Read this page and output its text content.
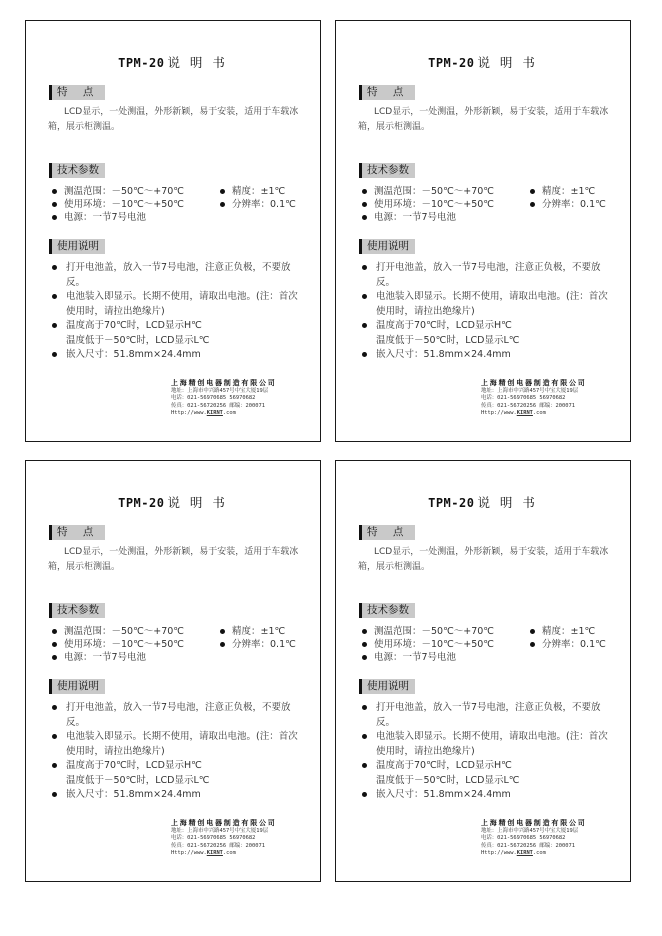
TPM-20 说 明 书
特 点
LCD显示，一处测温，外形新颖，易于安装，适用于车载冰箱，展示柜测温。
技术参数
测温范围：－50℃～+70℃	精度：±1℃
使用环境：－10℃～+50℃	分辨率：0.1℃
电源：一节7号电池
使用说明
打开电池盖，放入一节7号电池，注意正负极，不要放反。
电池装入即显示。长期不使用，请取出电池。(注：首次使用时，请拉出绝缘片)
温度高于70℃时，LCD显示H℃
温度低于－50℃时，LCD显示L℃
嵌入尺寸：51.8mm×24.4mm
上海精创电器制造有限公司
地址：上海市中兴路457号中宝大厦19层
电话：021-56970685 56970682
传真：021-56720256 邮编：200071
Http://www.KIRNT.com
TPM-20 说 明 书
特 点
LCD显示，一处测温，外形新颖，易于安装，适用于车载冰箱，展示柜测温。
技术参数
测温范围：－50℃～+70℃	精度：±1℃
使用环境：－10℃～+50℃	分辨率：0.1℃
电源：一节7号电池
使用说明
打开电池盖，放入一节7号电池，注意正负极，不要放反。
电池装入即显示。长期不使用，请取出电池。(注：首次使用时，请拉出绝缘片)
温度高于70℃时，LCD显示H℃
温度低于－50℃时，LCD显示L℃
嵌入尺寸：51.8mm×24.4mm
上海精创电器制造有限公司
地址：上海市中兴路457号中宝大厦19层
电话：021-56970685 56970682
传真：021-56720256 邮编：200071
Http://www.KIRNT.com
TPM-20 说 明 书
特 点
LCD显示，一处测温，外形新颖，易于安装，适用于车载冰箱，展示柜测温。
技术参数
测温范围：－50℃～+70℃	精度：±1℃
使用环境：－10℃～+50℃	分辨率：0.1℃
电源：一节7号电池
使用说明
打开电池盖，放入一节7号电池，注意正负极，不要放反。
电池装入即显示。长期不使用，请取出电池。(注：首次使用时，请拉出绝缘片)
温度高于70℃时，LCD显示H℃
温度低于－50℃时，LCD显示L℃
嵌入尺寸：51.8mm×24.4mm
上海精创电器制造有限公司
地址：上海市中兴路457号中宝大厦19层
电话：021-56970685 56970682
传真：021-56720256 邮编：200071
Http://www.KIRNT.com
TPM-20 说 明 书
特 点
LCD显示，一处测温，外形新颖，易于安装，适用于车载冰箱，展示柜测温。
技术参数
测温范围：－50℃～+70℃	精度：±1℃
使用环境：－10℃～+50℃	分辨率：0.1℃
电源：一节7号电池
使用说明
打开电池盖，放入一节7号电池，注意正负极，不要放反。
电池装入即显示。长期不使用，请取出电池。(注：首次使用时，请拉出绝缘片)
温度高于70℃时，LCD显示H℃
温度低于－50℃时，LCD显示L℃
嵌入尺寸：51.8mm×24.4mm
上海精创电器制造有限公司
地址：上海市中兴路457号中宝大厦19层
电话：021-56970685 56970682
传真：021-56720256 邮编：200071
Http://www.KIRNT.com
